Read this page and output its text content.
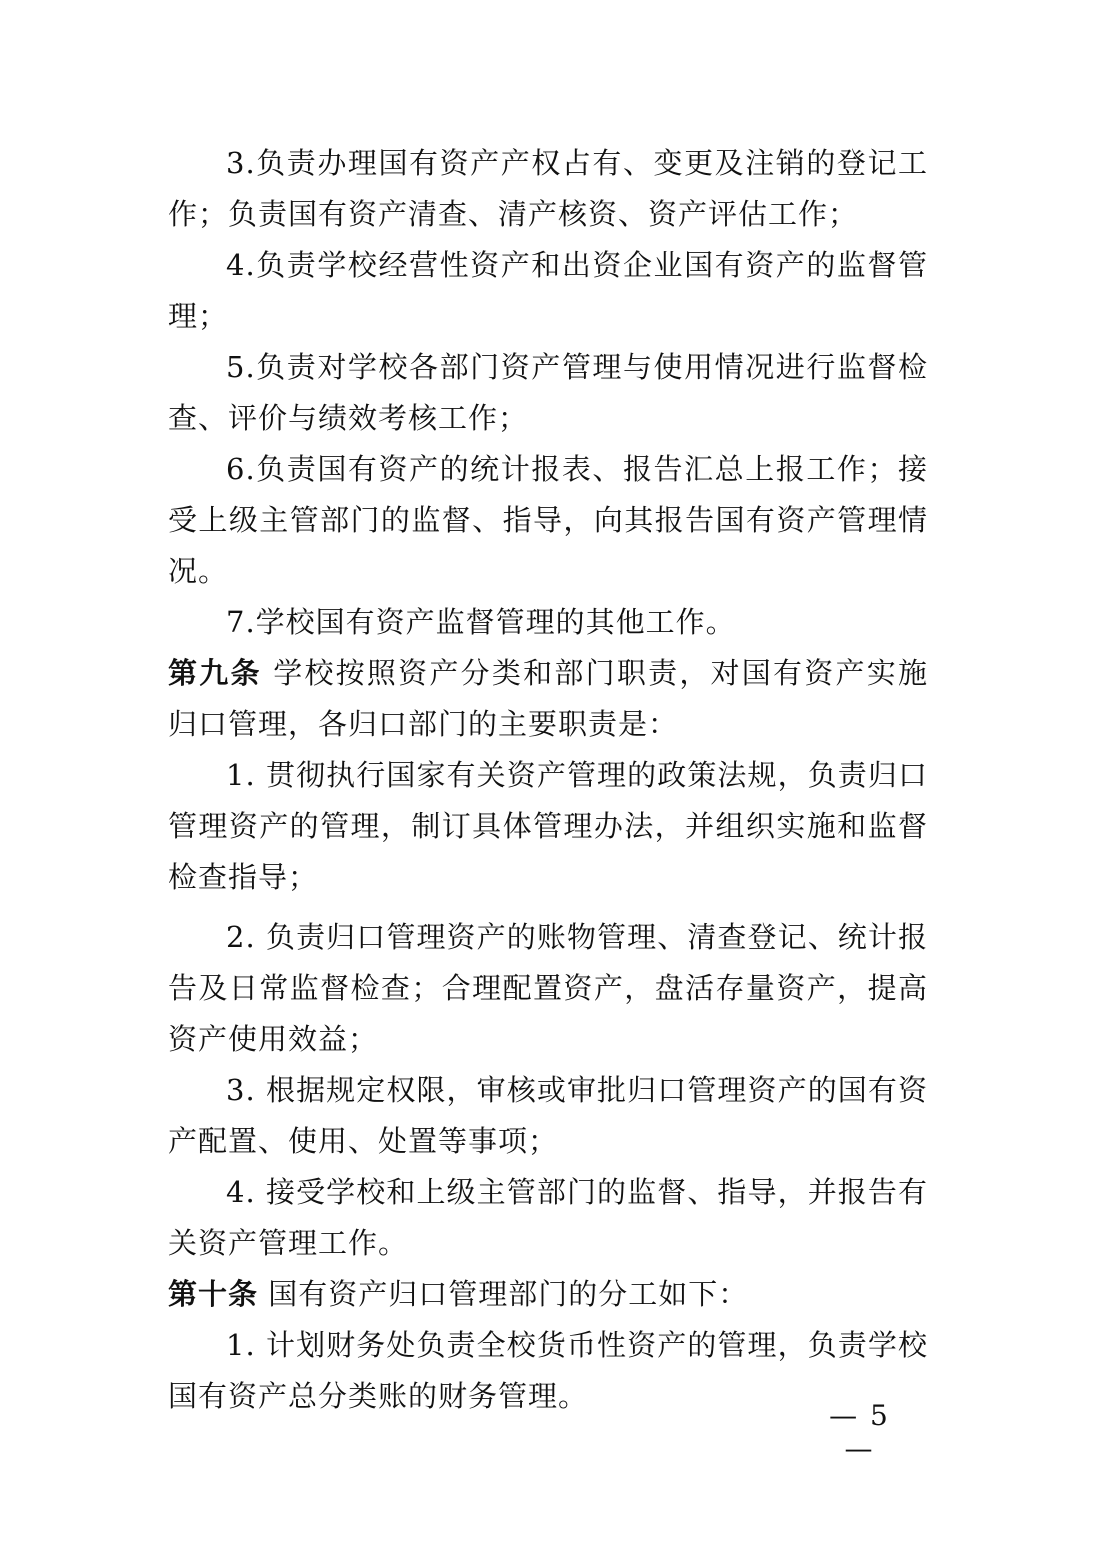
3.负责办理国有资产产权占有、变更及注销的登记工作；负责国有资产清查、清产核资、资产评估工作；

4.负责学校经营性资产和出资企业国有资产的监督管理；

5.负责对学校各部门资产管理与使用情况进行监督检查、评价与绩效考核工作；

6.负责国有资产的统计报表、报告汇总上报工作；接受上级主管部门的监督、指导，向其报告国有资产管理情况。

7.学校国有资产监督管理的其他工作。

第九条 学校按照资产分类和部门职责，对国有资产实施归口管理，各归口部门的主要职责是：

1. 贯彻执行国家有关资产管理的政策法规，负责归口管理资产的管理，制订具体管理办法，并组织实施和监督检查指导；

2. 负责归口管理资产的账物管理、清查登记、统计报告及日常监督检查；合理配置资产，盘活存量资产，提高资产使用效益；

3. 根据规定权限，审核或审批归口管理资产的国有资产配置、使用、处置等事项；

4. 接受学校和上级主管部门的监督、指导，并报告有关资产管理工作。

第十条 国有资产归口管理部门的分工如下：

1. 计划财务处负责全校货币性资产的管理，负责学校国有资产总分类账的财务管理。

— 5 —
